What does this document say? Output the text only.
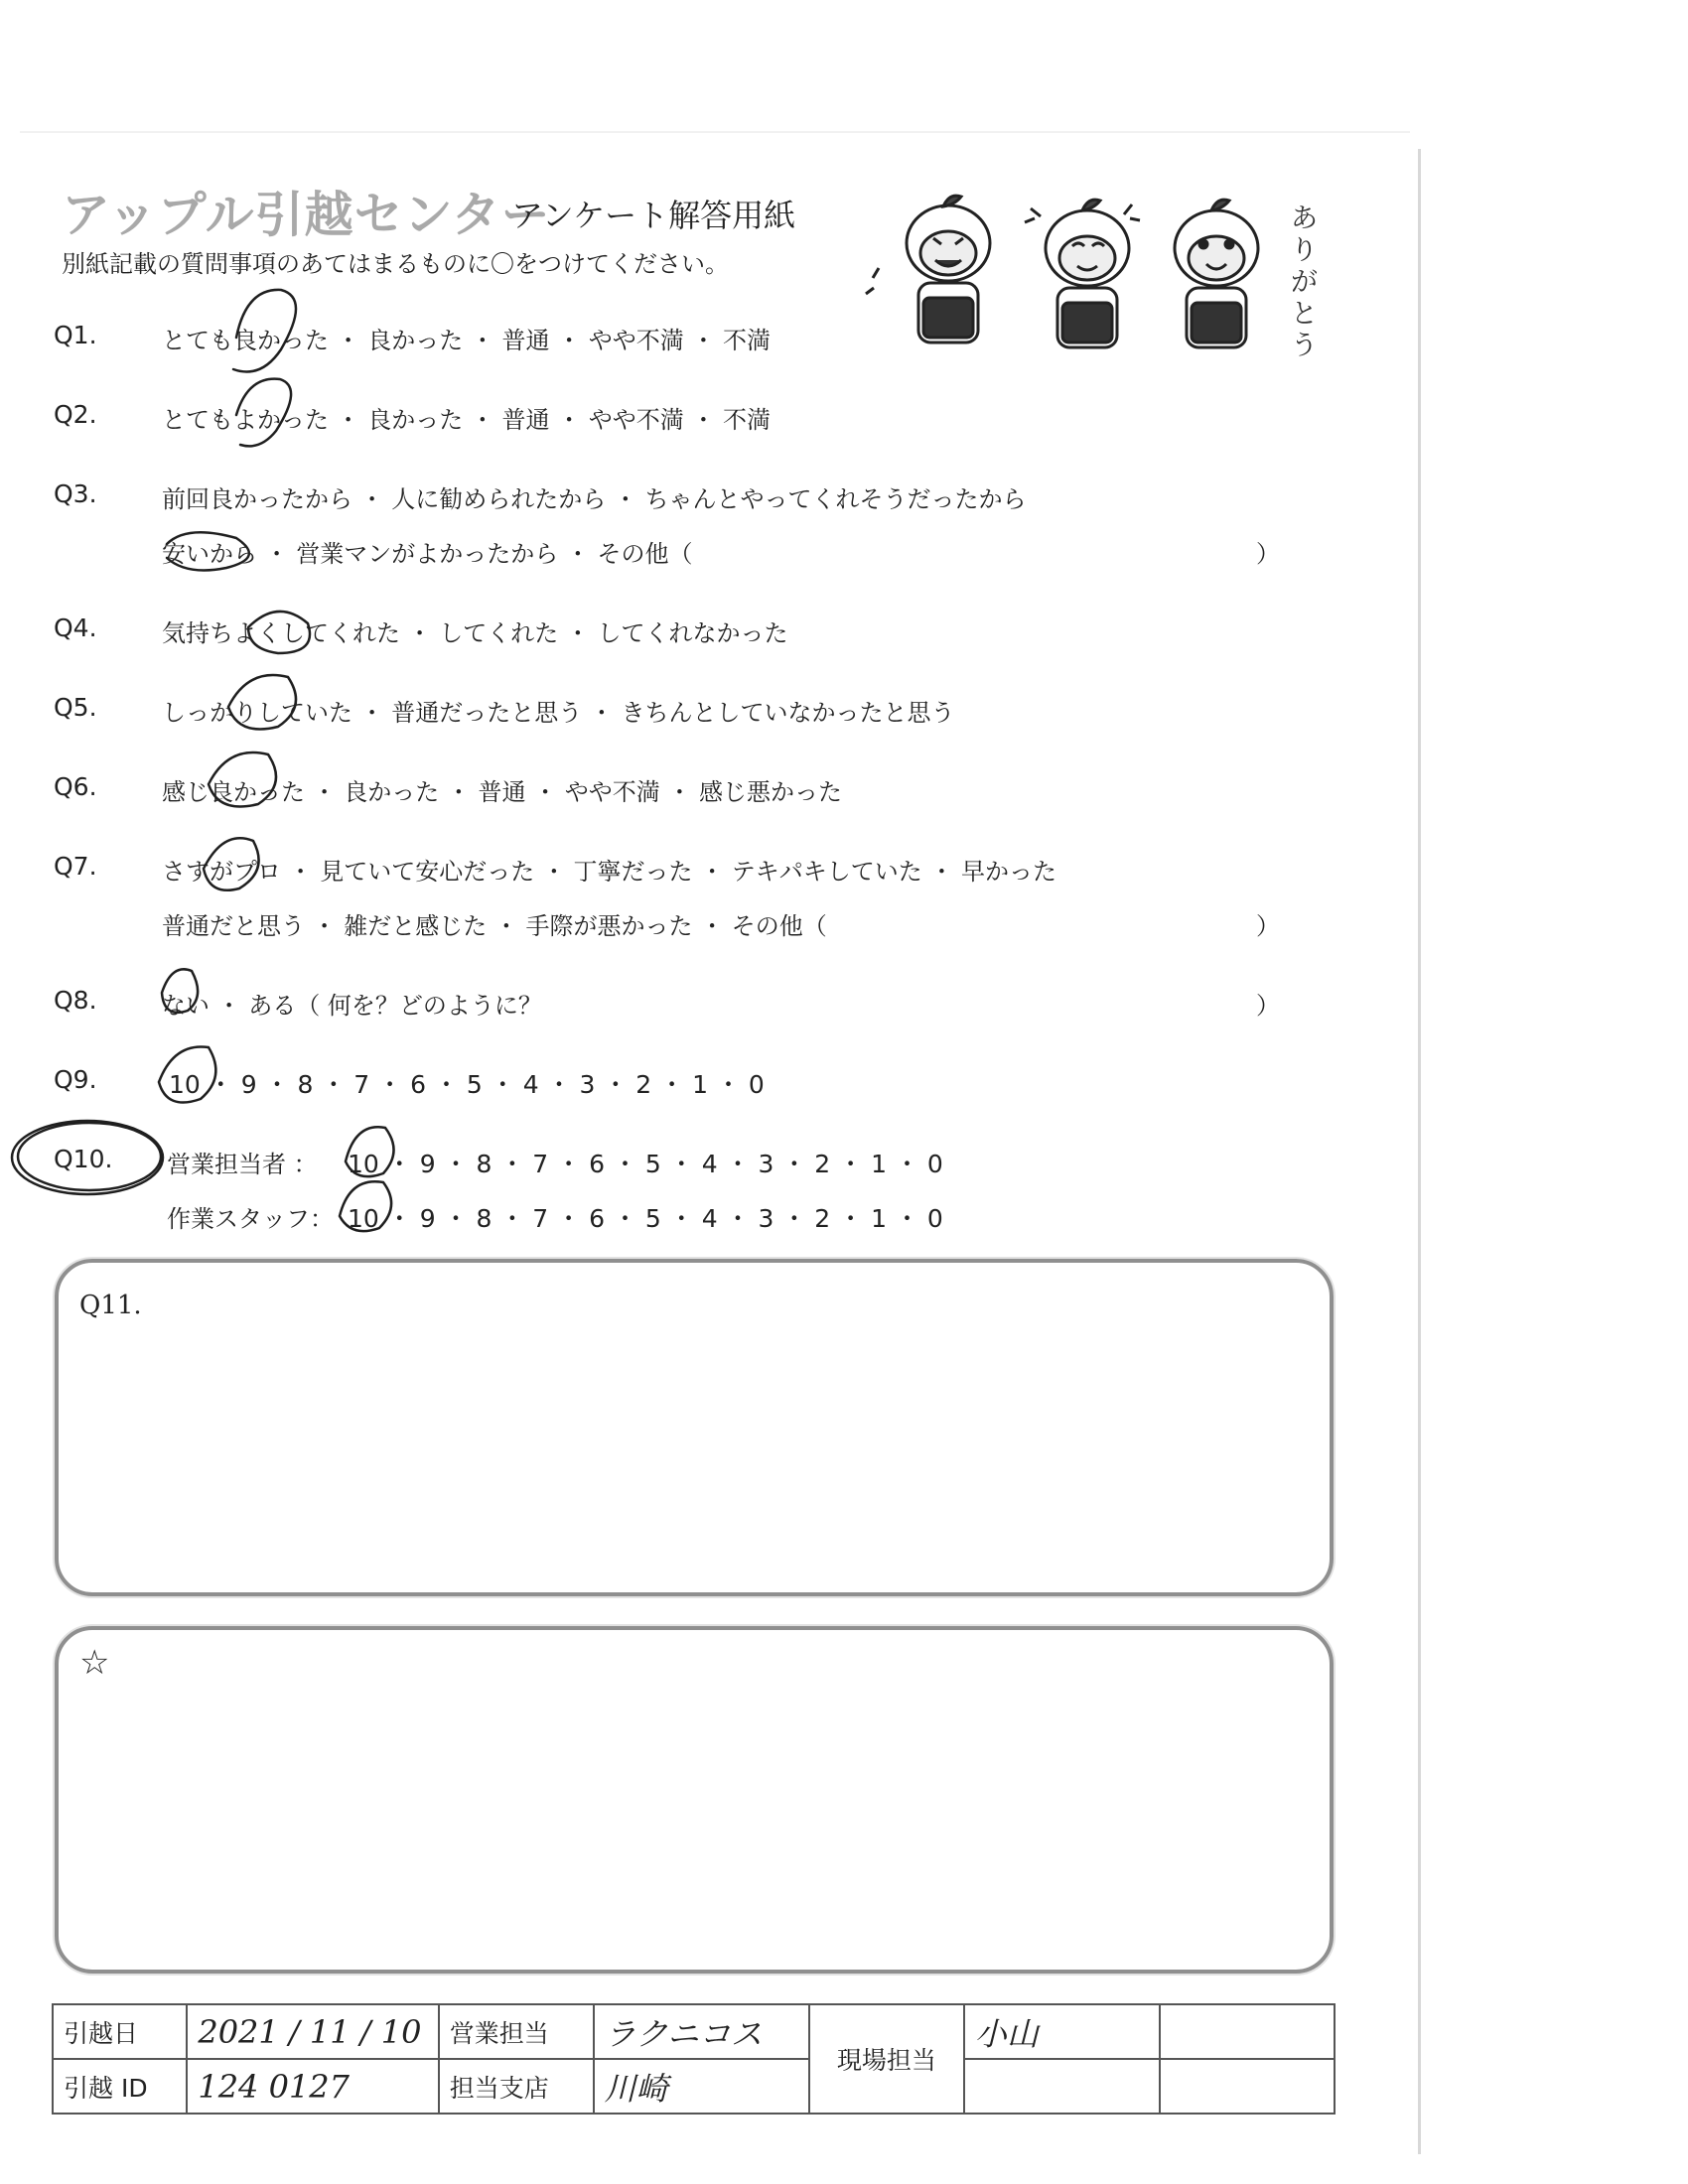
アップル引越センター
アンケート解答用紙
別紙記載の質問事項のあてはまるものに〇をつけてください。
ありがとう
Q1.	とても良かった ・ 良かった ・ 普通 ・ やや不満 ・ 不満
Q2.	とてもよかった ・ 良かった ・ 普通 ・ やや不満 ・ 不満
Q3.	前回良かったから ・ 人に勧められたから ・ ちゃんとやってくれそうだったから
安いから ・ 営業マンがよかったから ・ その他（	）
Q4.	気持ちよくしてくれた ・ してくれた ・ してくれなかった
Q5.	しっかりしていた ・ 普通だったと思う ・ きちんとしていなかったと思う
Q6.	感じ良かった ・ 良かった ・ 普通 ・ やや不満 ・ 感じ悪かった
Q7.	さすがプロ ・ 見ていて安心だった ・ 丁寧だった ・ テキパキしていた ・ 早かった
普通だと思う ・ 雑だと感じた ・ 手際が悪かった ・ その他（	）
Q8.	ない ・ ある（ 何を？どのように？	）
Q9.	10 ・ 9 ・ 8 ・ 7 ・ 6 ・ 5 ・ 4 ・ 3 ・ 2 ・ 1 ・ 0
Q10. 営業担当者 ： 10 ・ 9 ・ 8 ・ 7 ・ 6 ・ 5 ・ 4 ・ 3 ・ 2 ・ 1 ・ 0
作業スタッフ： 10 ・ 9 ・ 8 ・ 7 ・ 6 ・ 5 ・ 4 ・ 3 ・ 2 ・ 1 ・ 0
Q11.
☆
引越日	2021 / 11 / 10	営業担当	ラクニコス	現場担当	小山	
引越 ID	124 0127	担当支店	川崎			
